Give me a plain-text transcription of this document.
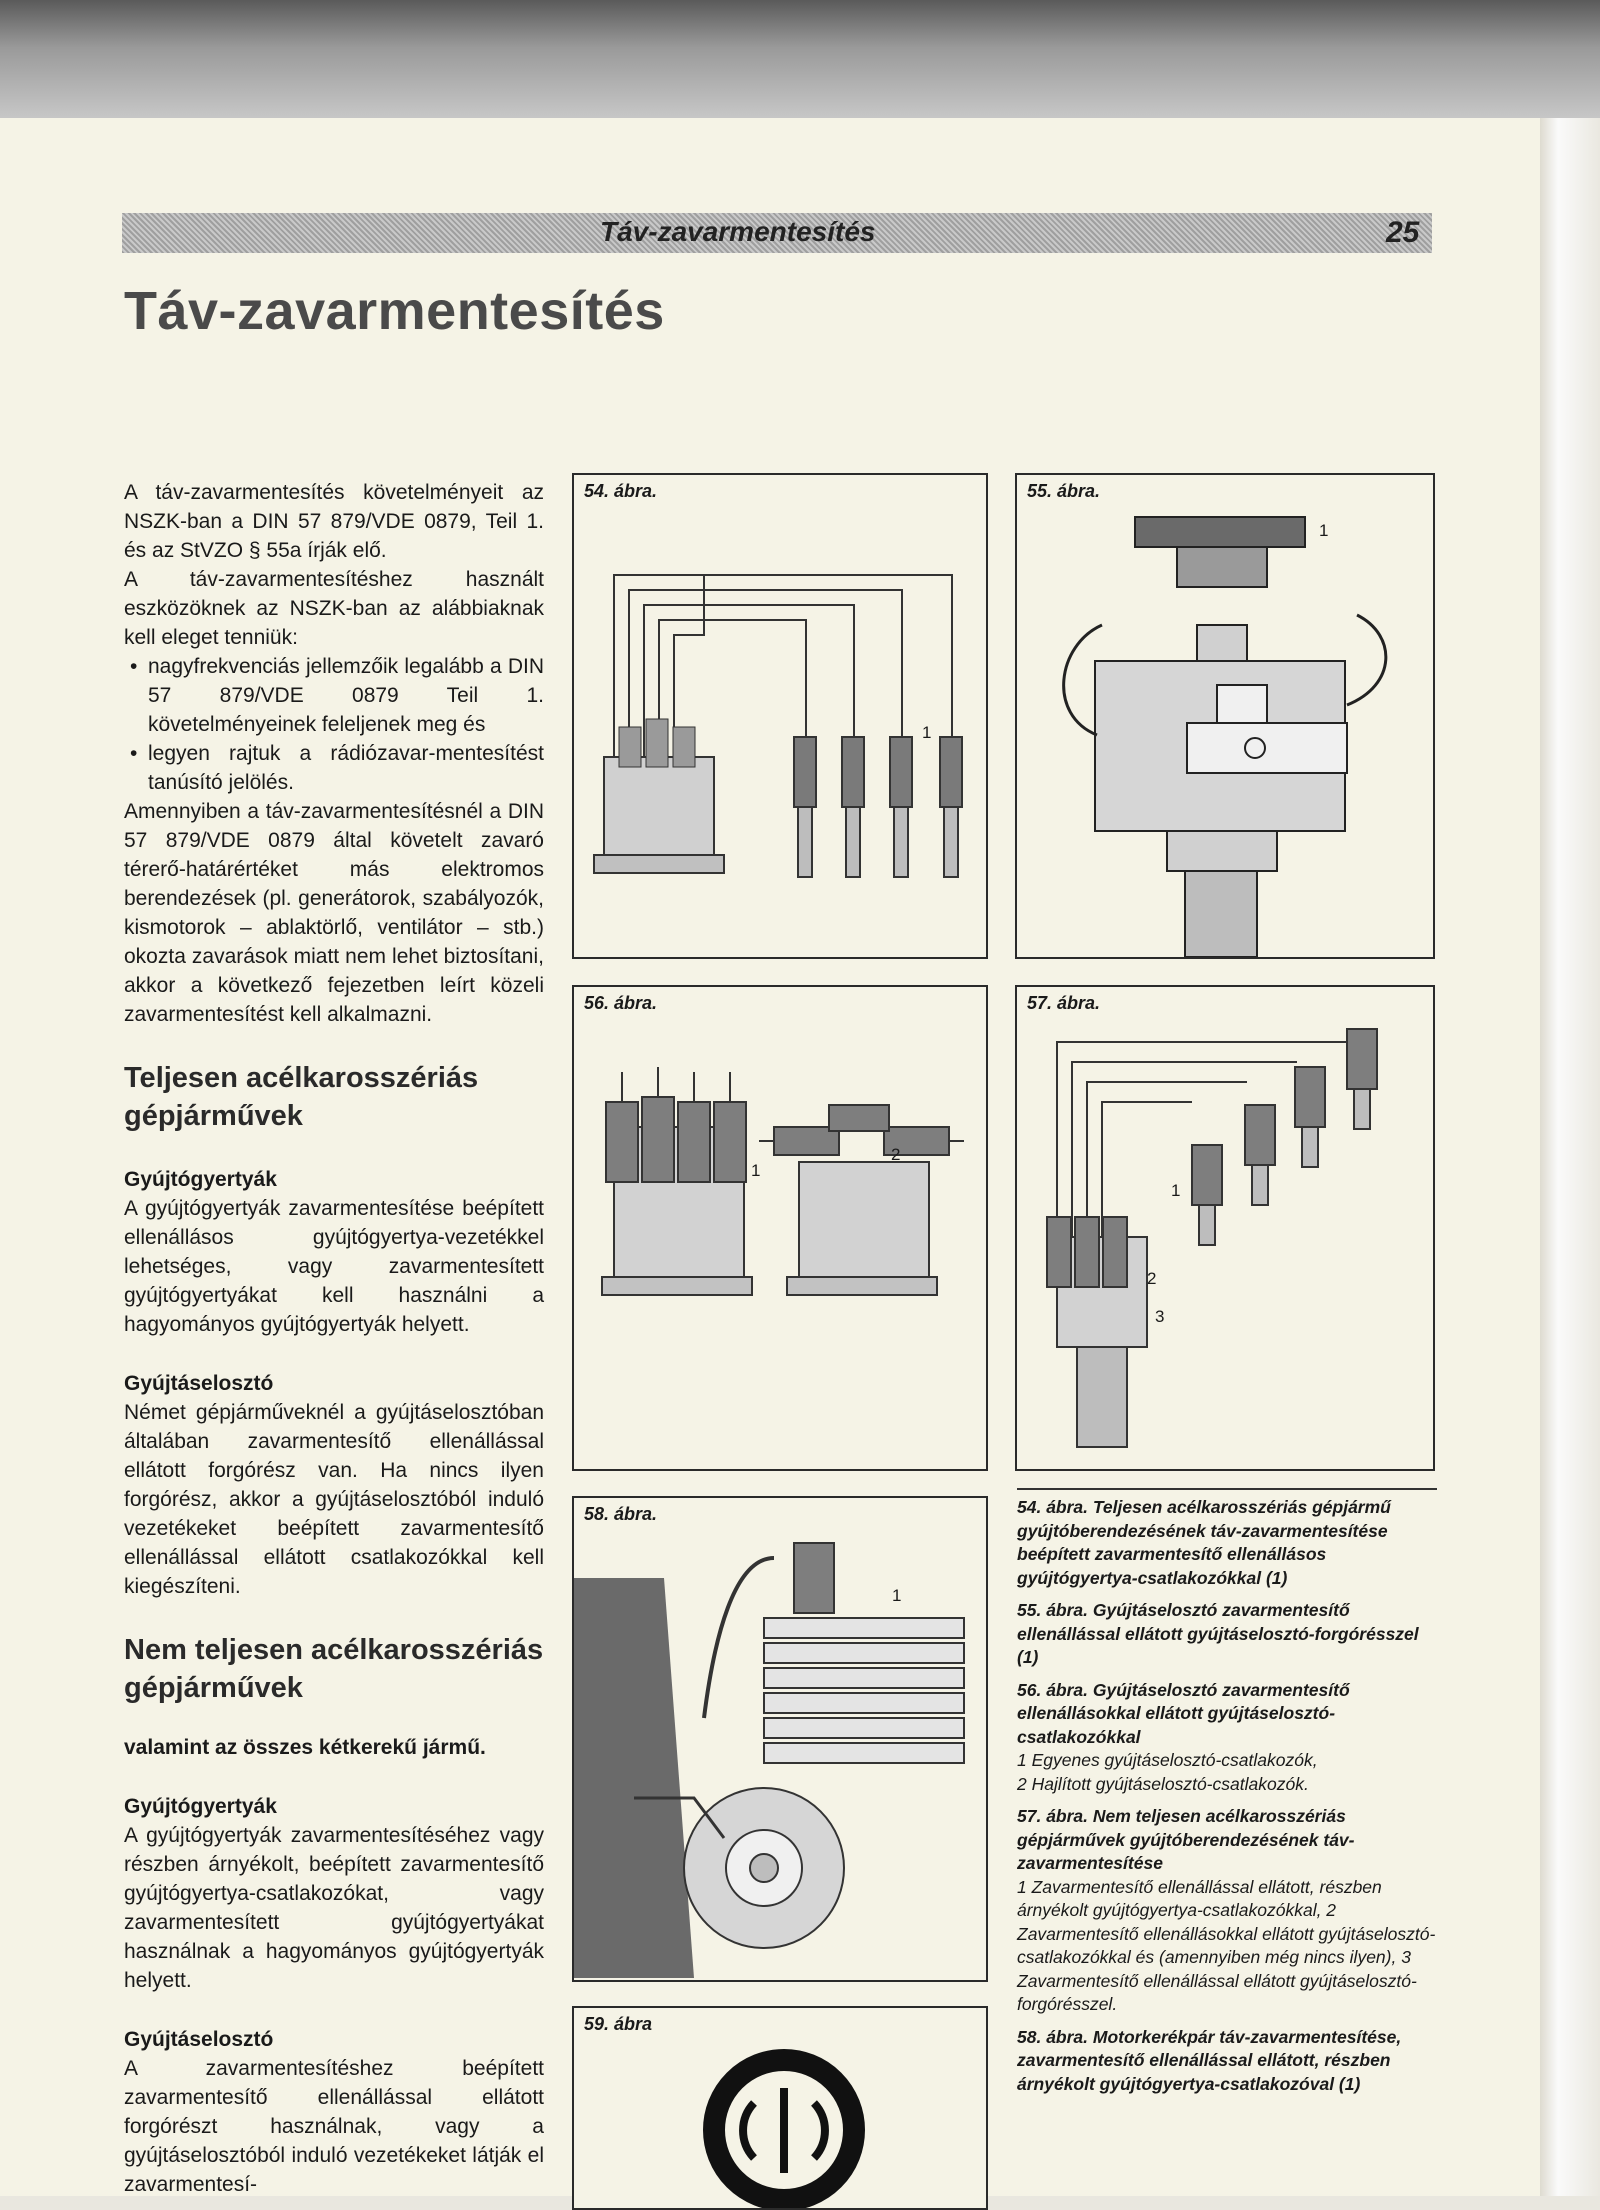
Táv-zavarmentesítés	25
Táv-zavarmentesítés

A táv-zavarmentesítés követelményeit az NSZK-ban a DIN 57 879/VDE 0879, Teil 1. és az StVZO § 55a írják elő.

A táv-zavarmentesítéshez használt eszközöknek az NSZK-ban az alábbiaknak kell eleget tenniük:

• nagyfrekvenciás jellemzőik legalább a DIN 57 879/VDE 0879 Teil 1. követelményeinek feleljenek meg és
• legyen rajtuk a rádiózavar-mentesítést tanúsító jelölés.

Amennyiben a táv-zavarmentesítésnél a DIN 57 879/VDE 0879 által követelt zavaró térerő-határértéket más elektromos berendezések (pl. generátorok, szabályozók, kismotorok – ablaktörlő, ventilátor – stb.) okozta zavarások miatt nem lehet biztosítani, akkor a következő fejezetben leírt közeli zavarmentesítést kell alkalmazni.

Teljesen acélkarosszériás gépjárművek

Gyújtógyertyák

A gyújtógyertyák zavarmentesítése beépített ellenállásos gyújtógyertya-vezetékkel lehetséges, vagy zavarmentesített gyújtógyertyákat kell használni a hagyományos gyújtógyertyák helyett.

Gyújtáselosztó

Német gépjárműveknél a gyújtáselosztóban általában zavarmentesítő ellenállással ellátott forgórész van. Ha nincs ilyen forgórész, akkor a gyújtáselosztóból induló vezetékeket beépített zavarmentesítő ellenállással ellátott csatlakozókkal kell kiegészíteni.

Nem teljesen acélkarosszériás gépjárművek

valamint az összes kétkerekű jármű.

Gyújtógyertyák

A gyújtógyertyák zavarmentesítéséhez vagy részben árnyékolt, beépített zavarmentesítő gyújtógyertya-csatlakozókat, vagy zavarmentesített gyújtógyertyákat használnak a hagyományos gyújtógyertyák helyett.

Gyújtáselosztó

A zavarmentesítéshez beépített zavarmentesítő ellenállással ellátott forgórészt használnak, vagy a gyújtáselosztóból induló vezetékeket látják el zavarmentesí-

54. ábra.
1
55. ábra.
1
56. ábra.
1
2
57. ábra.
1
2
3
58. ábra.
1
59. ábra

54. ábra. Teljesen acélkarosszériás gépjármű gyújtóberendezésének táv-zavarmentesítése beépített zavarmentesítő ellenállásos gyújtógyertya-csatlakozókkal (1)

55. ábra. Gyújtáselosztó zavarmentesítő ellenállással ellátott gyújtáselosztó-forgórésszel (1)

56. ábra. Gyújtáselosztó zavarmentesítő ellenállásokkal ellátott gyújtáselosztó-csatlakozókkal

1 Egyenes gyújtáselosztó-csatlakozók,

2 Hajlított gyújtáselosztó-csatlakozók.

57. ábra. Nem teljesen acélkarosszériás gépjárművek gyújtóberendezésének táv-zavarmentesítése

1 Zavarmentesítő ellenállással ellátott, részben árnyékolt gyújtógyertya-csatlakozókkal, 2 Zavarmentesítő ellenállásokkal ellátott gyújtáselosztó-csatlakozókkal és (amennyiben még nincs ilyen), 3 Zavarmentesítő ellenállással ellátott gyújtáselosztó-forgórésszel.

58. ábra. Motorkerékpár táv-zavarmentesítése, zavarmentesítő ellenállással ellátott, részben árnyékolt gyújtógyertya-csatlakozóval (1)
